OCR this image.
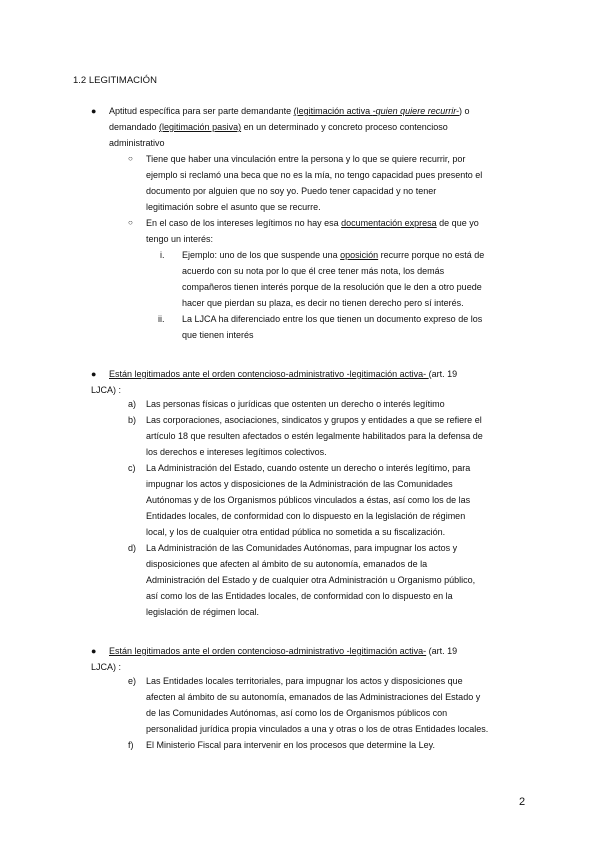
1.2 LEGITIMACIÓN
● Aptitud específica para ser parte demandante (legitimación activa -quien quiere recurrir-) o
demandado (legitimación pasiva) en un determinado y concreto proceso contencioso
administrativo
○ Tiene que haber una vinculación entre la persona y lo que se quiere recurrir, por
ejemplo si reclamó una beca que no es la mía, no tengo capacidad pues presento el
documento por alguien que no soy yo. Puedo tener capacidad y no tener
legitimación sobre el asunto que se recurre.
○ En el caso de los intereses legítimos no hay esa documentación expresa de que yo
tengo un interés:
i. Ejemplo: uno de los que suspende una oposición recurre porque no está de
acuerdo con su nota por lo que él cree tener más nota, los demás
compañeros tienen interés porque de la resolución que le den a otro puede
hacer que pierdan su plaza, es decir no tienen derecho pero sí interés.
ii. La LJCA ha diferenciado entre los que tienen un documento expreso de los
que tienen interés
● Están legitimados ante el orden contencioso-administrativo -legitimación activa- (art. 19
LJCA) :
a) Las personas físicas o jurídicas que ostenten un derecho o interés legítimo
b) Las corporaciones, asociaciones, sindicatos y grupos y entidades a que se refiere el
artículo 18 que resulten afectados o estén legalmente habilitados para la defensa de
los derechos e intereses legítimos colectivos.
c) La Administración del Estado, cuando ostente un derecho o interés legítimo, para
impugnar los actos y disposiciones de la Administración de las Comunidades
Autónomas y de los Organismos públicos vinculados a éstas, así como los de las
Entidades locales, de conformidad con lo dispuesto en la legislación de régimen
local, y los de cualquier otra entidad pública no sometida a su fiscalización.
d) La Administración de las Comunidades Autónomas, para impugnar los actos y
disposiciones que afecten al ámbito de su autonomía, emanados de la
Administración del Estado y de cualquier otra Administración u Organismo público,
así como los de las Entidades locales, de conformidad con lo dispuesto en la
legislación de régimen local.
● Están legitimados ante el orden contencioso-administrativo -legitimación activa- (art. 19
LJCA) :
e) Las Entidades locales territoriales, para impugnar los actos y disposiciones que
afecten al ámbito de su autonomía, emanados de las Administraciones del Estado y
de las Comunidades Autónomas, así como los de Organismos públicos con
personalidad jurídica propia vinculados a una y otras o los de otras Entidades locales.
f) El Ministerio Fiscal para intervenir en los procesos que determine la Ley.
2
